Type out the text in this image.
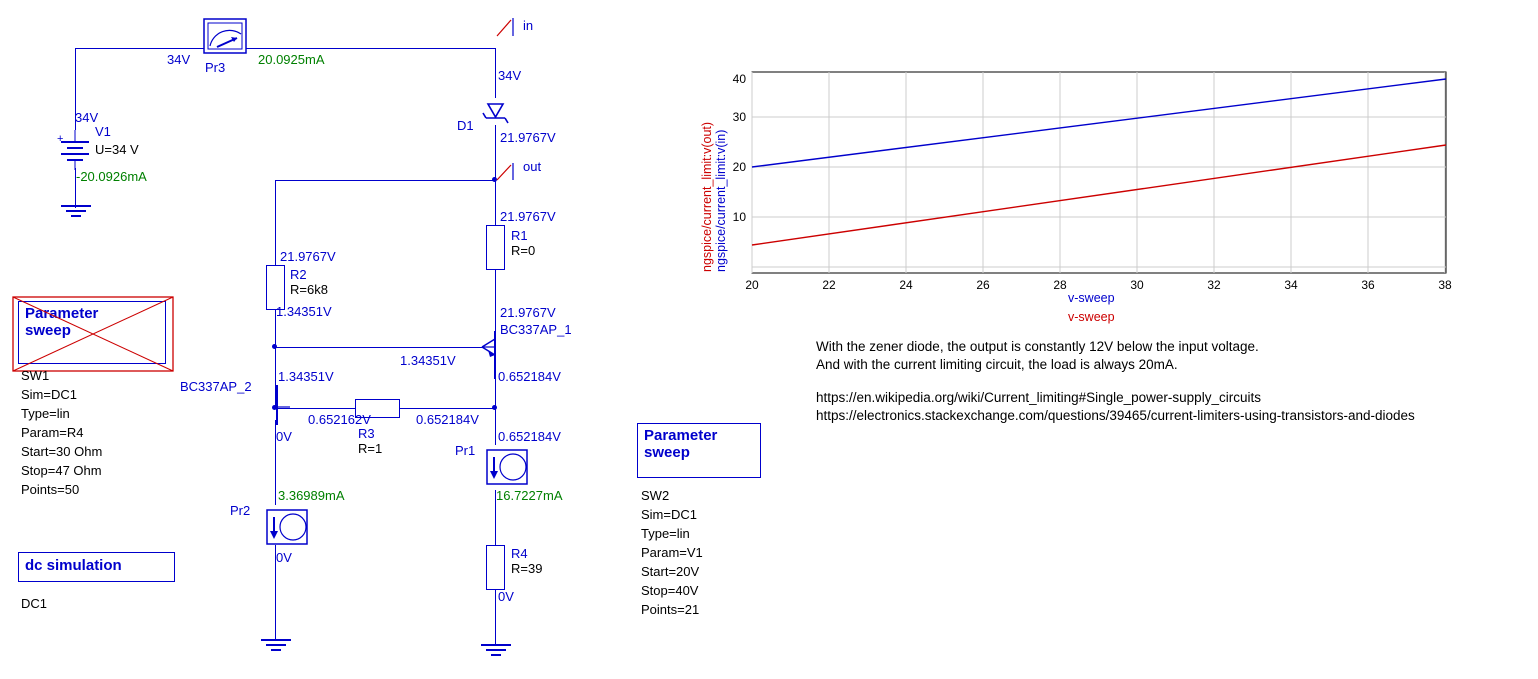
Pr3
20.0925mA
34V
+
34V
V1
U=34 V
-20.0926mA
in
34V
D1
21.9767V
out
21.9767V
R1
R=0
21.9767V
21.9767V
R2
R=6k8
1.34351V
BC337AP_1
1.34351V
0.652184V
BC337AP_2
1.34351V
0V
0.652162V
R3
R=1
0.652184V
Pr1
0.652184V
16.7227mA
Pr2
3.36989mA
0V	R4
R=39
0V
Parameter
sweep
SW1
Sim=DC1
Type=lin
Param=R4
Start=30 Ohm
Stop=47 Ohm
Points=50
dc simulation
DC1
Parameter
sweep
SW2
Sim=DC1
Type=lin
Param=V1
Start=20V
Stop=40V
Points=21
40
30
20
10
20	22	24	26	28	30	32	34	36	38
ngspice/current_limit:v(out) ngspice/current_limit:v(in)
v-sweep
v-sweep
With the zener diode, the output is constantly 12V below the input voltage.
And with the current limiting circuit, the load is always 20mA.
https://en.wikipedia.org/wiki/Current_limiting#Single_power-supply_circuits
https://electronics.stackexchange.com/questions/39465/current-limiters-using-transistors-and-diodes
